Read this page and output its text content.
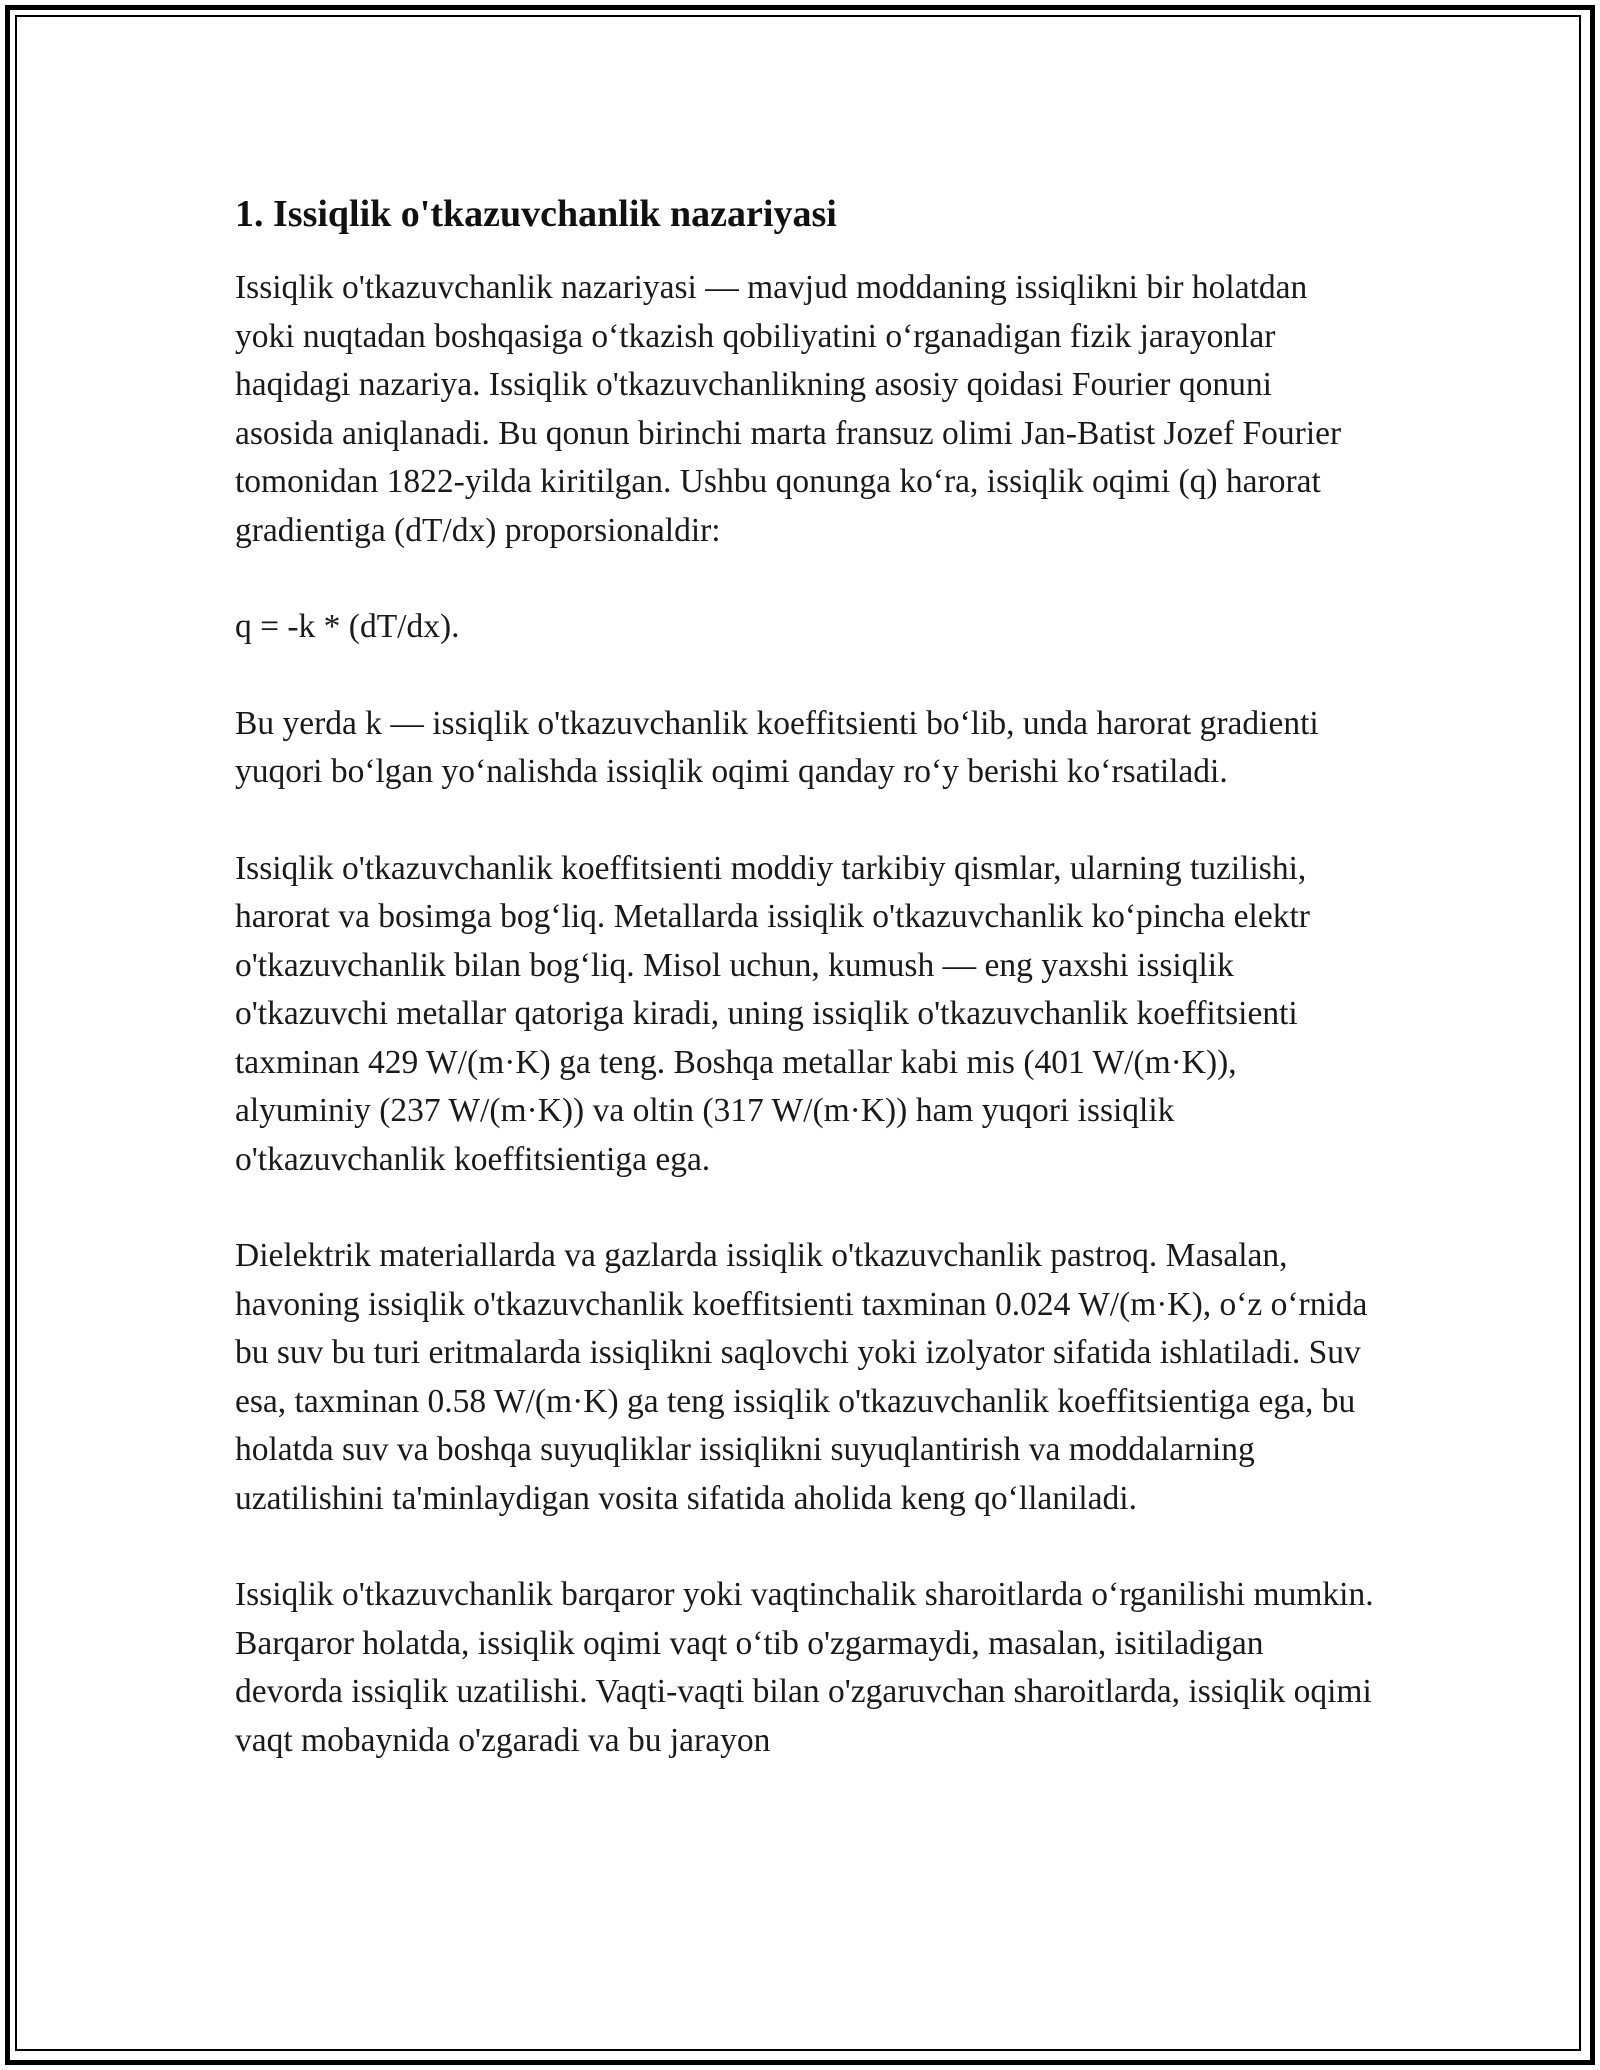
1. Issiqlik o'tkazuvchanlik nazariyasi

Issiqlik o'tkazuvchanlik nazariyasi — mavjud moddaning issiqlikni bir holatdan yoki nuqtadan boshqasiga o‘tkazish qobiliyatini o‘rganadigan fizik jarayonlar haqidagi nazariya. Issiqlik o'tkazuvchanlikning asosiy qoidasi Fourier qonuni asosida aniqlanadi. Bu qonun birinchi marta fransuz olimi Jan-Batist Jozef Fourier tomonidan 1822-yilda kiritilgan. Ushbu qonunga ko‘ra, issiqlik oqimi (q) harorat gradientiga (dT/dx) proporsionaldir:

q = -k * (dT/dx).

Bu yerda k — issiqlik o'tkazuvchanlik koeffitsienti bo‘lib, unda harorat gradienti yuqori bo‘lgan yo‘nalishda issiqlik oqimi qanday ro‘y berishi ko‘rsatiladi.

Issiqlik o'tkazuvchanlik koeffitsienti moddiy tarkibiy qismlar, ularning tuzilishi, harorat va bosimga bog‘liq. Metallarda issiqlik o'tkazuvchanlik ko‘pincha elektr o'tkazuvchanlik bilan bog‘liq. Misol uchun, kumush — eng yaxshi issiqlik o'tkazuvchi metallar qatoriga kiradi, uning issiqlik o'tkazuvchanlik koeffitsienti taxminan 429 W/(m·K) ga teng. Boshqa metallar kabi mis (401 W/(m·K)), alyuminiy (237 W/(m·K)) va oltin (317 W/(m·K)) ham yuqori issiqlik o'tkazuvchanlik koeffitsientiga ega.

Dielektrik materiallarda va gazlarda issiqlik o'tkazuvchanlik pastroq. Masalan, havoning issiqlik o'tkazuvchanlik koeffitsienti taxminan 0.024 W/(m·K), o‘z o‘rnida bu suv bu turi eritmalarda issiqlikni saqlovchi yoki izolyator sifatida ishlatiladi. Suv esa, taxminan 0.58 W/(m·K) ga teng issiqlik o'tkazuvchanlik koeffitsientiga ega, bu holatda suv va boshqa suyuqliklar issiqlikni suyuqlantirish va moddalarning uzatilishini ta'minlaydigan vosita sifatida aholida keng qo‘llaniladi.

Issiqlik o'tkazuvchanlik barqaror yoki vaqtinchalik sharoitlarda o‘rganilishi mumkin. Barqaror holatda, issiqlik oqimi vaqt o‘tib o'zgarmaydi, masalan, isitiladigan devorda issiqlik uzatilishi. Vaqti-vaqti bilan o'zgaruvchan sharoitlarda, issiqlik oqimi vaqt mobaynida o'zgaradi va bu jarayon
